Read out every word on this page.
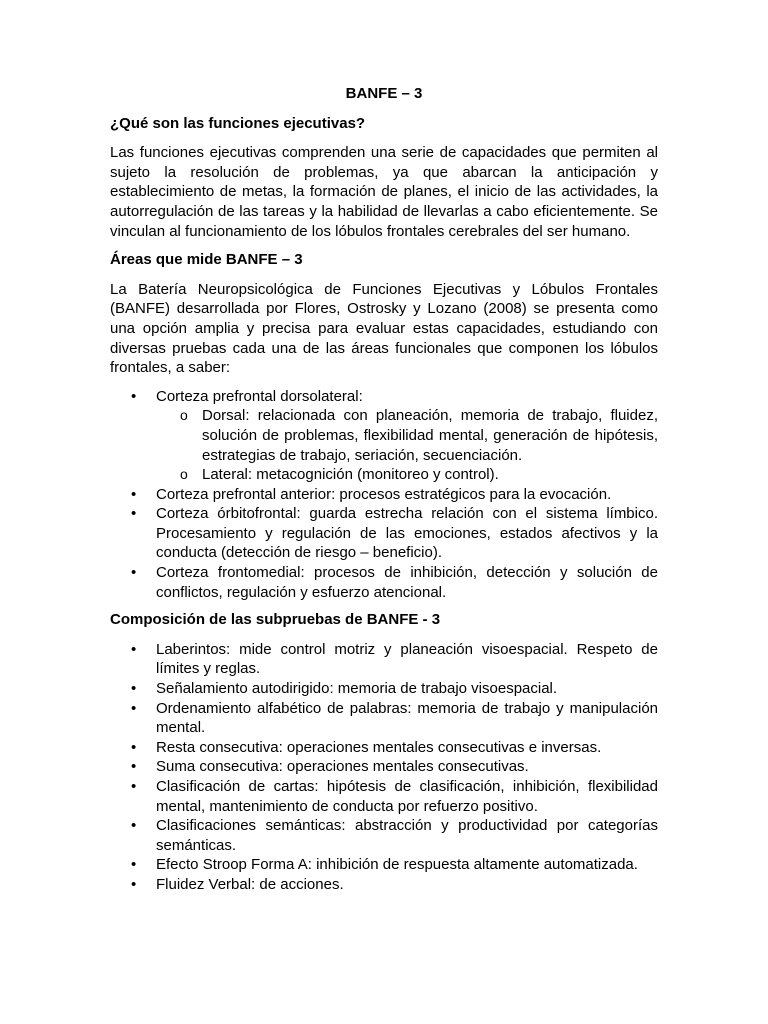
BANFE – 3
¿Qué son las funciones ejecutivas?

Las funciones ejecutivas comprenden una serie de capacidades que permiten al sujeto la resolución de problemas, ya que abarcan la anticipación y establecimiento de metas, la formación de planes, el inicio de las actividades, la autorregulación de las tareas y la habilidad de llevarlas a cabo eficientemente. Se vinculan al funcionamiento de los lóbulos frontales cerebrales del ser humano.

Áreas que mide BANFE – 3

La Batería Neuropsicológica de Funciones Ejecutivas y Lóbulos Frontales (BANFE) desarrollada por Flores, Ostrosky y Lozano (2008) se presenta como una opción amplia y precisa para evaluar estas capacidades, estudiando con diversas pruebas cada una de las áreas funcionales que componen los lóbulos frontales, a saber:

• Corteza prefrontal dorsolateral:
o Dorsal: relacionada con planeación, memoria de trabajo, fluidez, solución de problemas, flexibilidad mental, generación de hipótesis, estrategias de trabajo, seriación, secuenciación.
o Lateral: metacognición (monitoreo y control).
• Corteza prefrontal anterior: procesos estratégicos para la evocación.
• Corteza órbitofrontal: guarda estrecha relación con el sistema límbico. Procesamiento y regulación de las emociones, estados afectivos y la conducta (detección de riesgo – beneficio).
• Corteza frontomedial: procesos de inhibición, detección y solución de conflictos, regulación y esfuerzo atencional.
Composición de las subpruebas de BANFE - 3
• Laberintos: mide control motriz y planeación visoespacial. Respeto de límites y reglas.
• Señalamiento autodirigido: memoria de trabajo visoespacial.
• Ordenamiento alfabético de palabras: memoria de trabajo y manipulación mental.
• Resta consecutiva: operaciones mentales consecutivas e inversas.
• Suma consecutiva: operaciones mentales consecutivas.
• Clasificación de cartas: hipótesis de clasificación, inhibición, flexibilidad mental, mantenimiento de conducta por refuerzo positivo.
• Clasificaciones semánticas: abstracción y productividad por categorías semánticas.
• Efecto Stroop Forma A: inhibición de respuesta altamente automatizada.
• Fluidez Verbal: de acciones.
